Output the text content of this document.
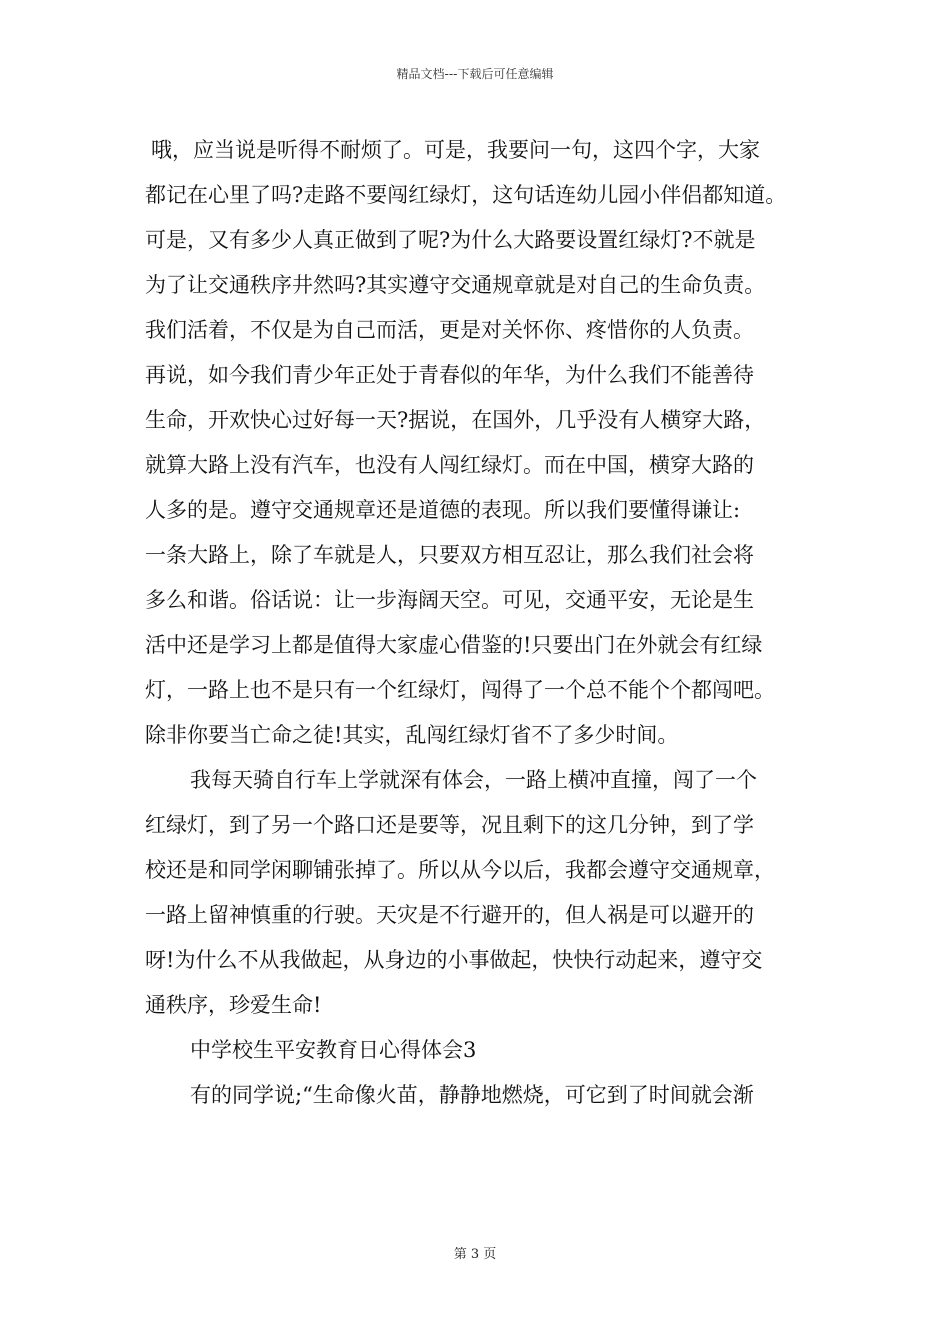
精品文档---下载后可任意编辑
哦，应当说是听得不耐烦了。可是，我要问一句，这四个字，大家
都记在心里了吗?走路不要闯红绿灯，这句话连幼儿园小伴侣都知道。
可是，又有多少人真正做到了呢?为什么大路要设置红绿灯?不就是
为了让交通秩序井然吗?其实遵守交通规章就是对自己的生命负责。
我们活着，不仅是为自己而活，更是对关怀你、疼惜你的人负责。
再说，如今我们青少年正处于青春似的年华，为什么我们不能善待
生命，开欢快心过好每一天?据说，在国外，几乎没有人横穿大路，
就算大路上没有汽车，也没有人闯红绿灯。而在中国，横穿大路的
人多的是。遵守交通规章还是道德的表现。所以我们要懂得谦让:
一条大路上，除了车就是人，只要双方相互忍让，那么我们社会将
多么和谐。俗话说：让一步海阔天空。可见，交通平安，无论是生
活中还是学习上都是值得大家虚心借鉴的!只要出门在外就会有红绿
灯，一路上也不是只有一个红绿灯，闯得了一个总不能个个都闯吧。
除非你要当亡命之徒!其实，乱闯红绿灯省不了多少时间。
我每天骑自行车上学就深有体会，一路上横冲直撞，闯了一个
红绿灯，到了另一个路口还是要等，况且剩下的这几分钟，到了学
校还是和同学闲聊铺张掉了。所以从今以后，我都会遵守交通规章，
一路上留神慎重的行驶。天灾是不行避开的，但人祸是可以避开的
呀!为什么不从我做起，从身边的小事做起，快快行动起来，遵守交
通秩序，珍爱生命!
中学校生平安教育日心得体会3
有的同学说;“生命像火苗，静静地燃烧，可它到了时间就会渐
第 3 页
